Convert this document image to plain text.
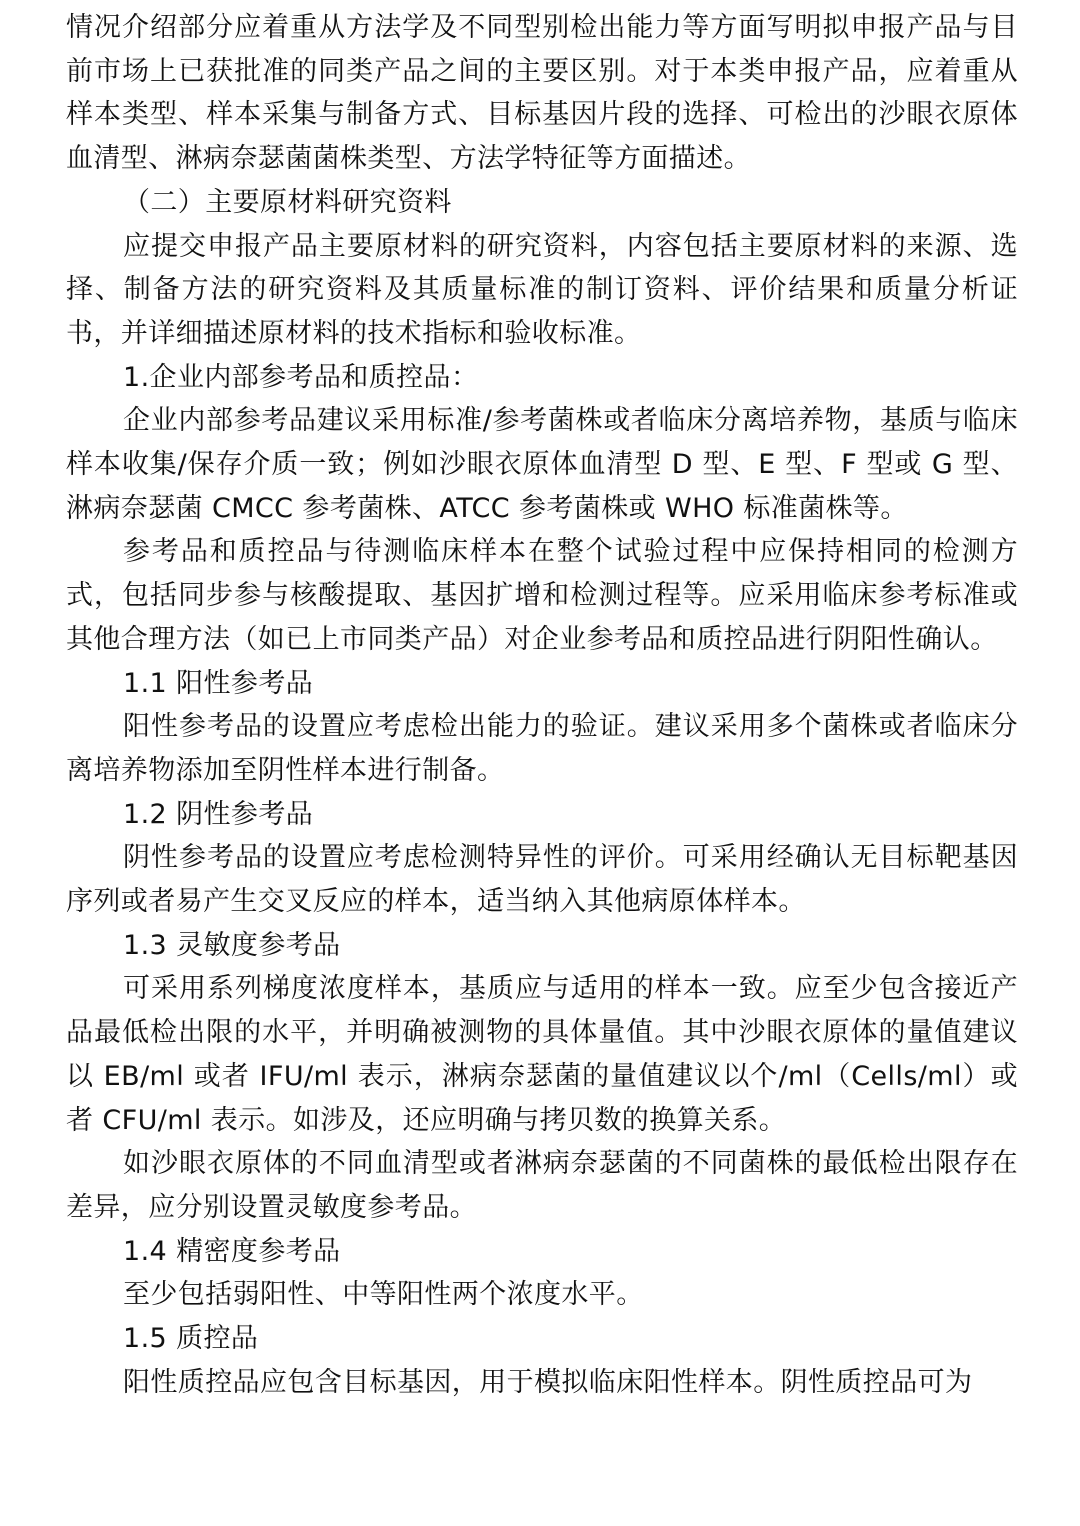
情况介绍部分应着重从方法学及不同型别检出能力等方面写明拟申报产品与目前市场上已获批准的同类产品之间的主要区别。对于本类申报产品，应着重从样本类型、样本采集与制备方式、目标基因片段的选择、可检出的沙眼衣原体血清型、淋病奈瑟菌菌株类型、方法学特征等方面描述。

（二）主要原材料研究资料

应提交申报产品主要原材料的研究资料，内容包括主要原材料的来源、选择、制备方法的研究资料及其质量标准的制订资料、评价结果和质量分析证书，并详细描述原材料的技术指标和验收标准。

1.企业内部参考品和质控品：

企业内部参考品建议采用标准/参考菌株或者临床分离培养物，基质与临床样本收集/保存介质一致；例如沙眼衣原体血清型 D 型、E 型、F 型或 G 型、淋病奈瑟菌 CMCC 参考菌株、ATCC 参考菌株或 WHO 标准菌株等。

参考品和质控品与待测临床样本在整个试验过程中应保持相同的检测方式，包括同步参与核酸提取、基因扩增和检测过程等。应采用临床参考标准或其他合理方法（如已上市同类产品）对企业参考品和质控品进行阴阳性确认。

1.1 阳性参考品

阳性参考品的设置应考虑检出能力的验证。建议采用多个菌株或者临床分离培养物添加至阴性样本进行制备。

1.2 阴性参考品

阴性参考品的设置应考虑检测特异性的评价。可采用经确认无目标靶基因序列或者易产生交叉反应的样本，适当纳入其他病原体样本。

1.3 灵敏度参考品

可采用系列梯度浓度样本，基质应与适用的样本一致。应至少包含接近产品最低检出限的水平，并明确被测物的具体量值。其中沙眼衣原体的量值建议以 EB/ml 或者 IFU/ml 表示，淋病奈瑟菌的量值建议以个/ml（Cells/ml）或者 CFU/ml 表示。如涉及，还应明确与拷贝数的换算关系。

如沙眼衣原体的不同血清型或者淋病奈瑟菌的不同菌株的最低检出限存在差异，应分别设置灵敏度参考品。

1.4 精密度参考品

至少包括弱阳性、中等阳性两个浓度水平。

1.5 质控品

阳性质控品应包含目标基因，用于模拟临床阳性样本。阴性质控品可为
